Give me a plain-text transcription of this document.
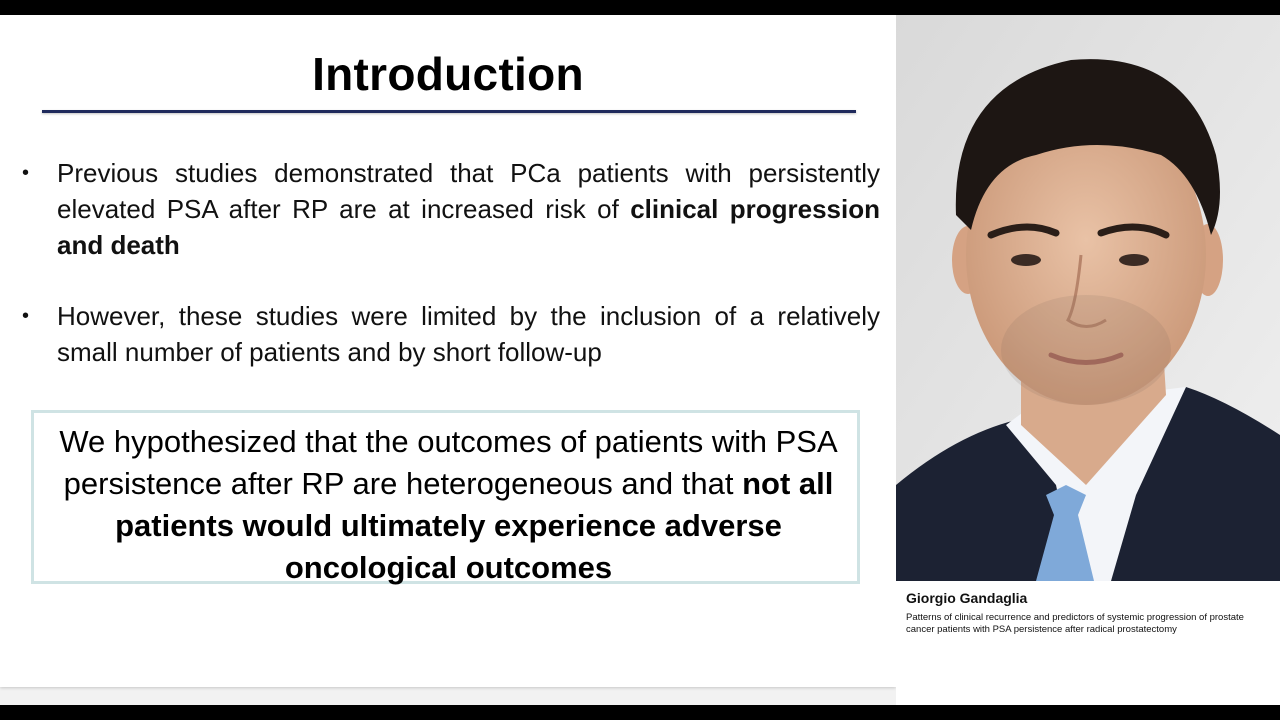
Introduction
•	Previous studies demonstrated that PCa patients with persistently elevated PSA after RP are at increased risk of clinical progression and death
•	However, these studies were limited by the inclusion of a relatively small number of patients and by short follow-up
We hypothesized that the outcomes of patients with PSA persistence after RP are heterogeneous and that not all patients would ultimately experience adverse oncological outcomes
Giorgio Gandaglia
Patterns of clinical recurrence and predictors of systemic progression of prostate cancer patients with PSA persistence after radical prostatectomy
